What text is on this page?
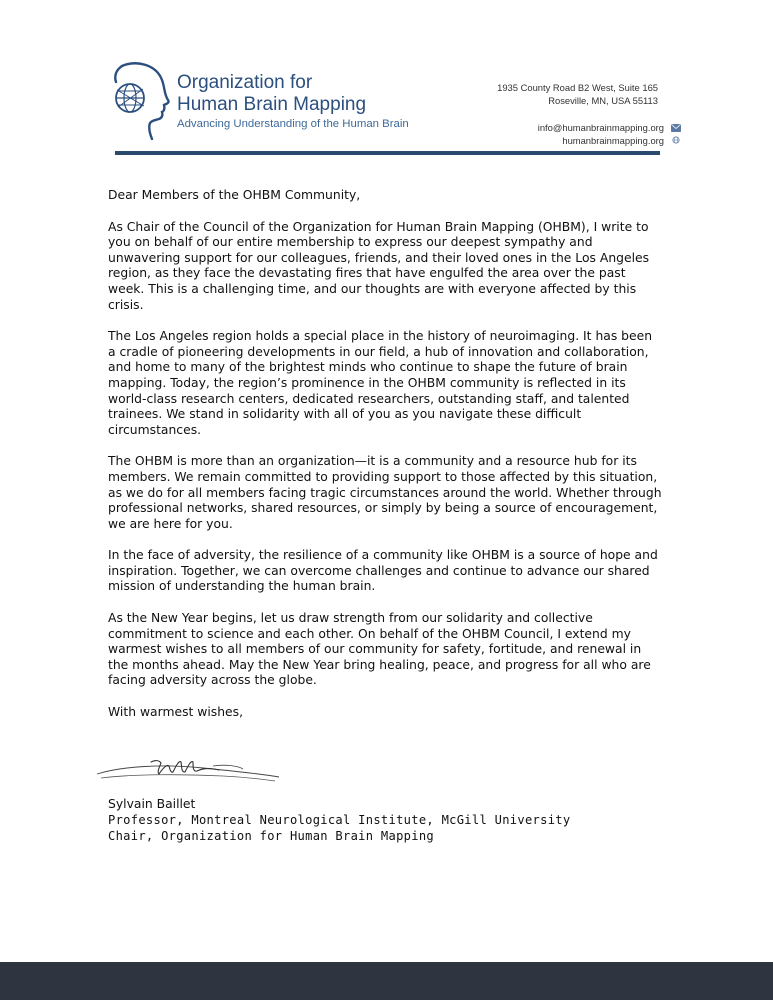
Organization for
Human Brain Mapping
Advancing Understanding of the Human Brain
1935 County Road B2 West, Suite 165
Roseville, MN, USA 55113
info@humanbrainmapping.org
humanbrainmapping.org

Dear Members of the OHBM Community,

As Chair of the Council of the Organization for Human Brain Mapping (OHBM), I write to you on behalf of our entire membership to express our deepest sympathy and unwavering support for our colleagues, friends, and their loved ones in the Los Angeles region, as they face the devastating fires that have engulfed the area over the past week. This is a challenging time, and our thoughts are with everyone affected by this crisis.

The Los Angeles region holds a special place in the history of neuroimaging. It has been a cradle of pioneering developments in our field, a hub of innovation and collaboration, and home to many of the brightest minds who continue to shape the future of brain mapping. Today, the region’s prominence in the OHBM community is reflected in its world-class research centers, dedicated researchers, outstanding staff, and talented trainees. We stand in solidarity with all of you as you navigate these difficult circumstances.

The OHBM is more than an organization—it is a community and a resource hub for its members. We remain committed to providing support to those affected by this situation, as we do for all members facing tragic circumstances around the world. Whether through professional networks, shared resources, or simply by being a source of encouragement, we are here for you.

In the face of adversity, the resilience of a community like OHBM is a source of hope and inspiration. Together, we can overcome challenges and continue to advance our shared mission of understanding the human brain.

As the New Year begins, let us draw strength from our solidarity and collective commitment to science and each other. On behalf of the OHBM Council, I extend my warmest wishes to all members of our community for safety, fortitude, and renewal in the months ahead. May the New Year bring healing, peace, and progress for all who are facing adversity across the globe.

With warmest wishes,

Sylvain Baillet
Professor, Montreal Neurological Institute, McGill University
Chair, Organization for Human Brain Mapping
